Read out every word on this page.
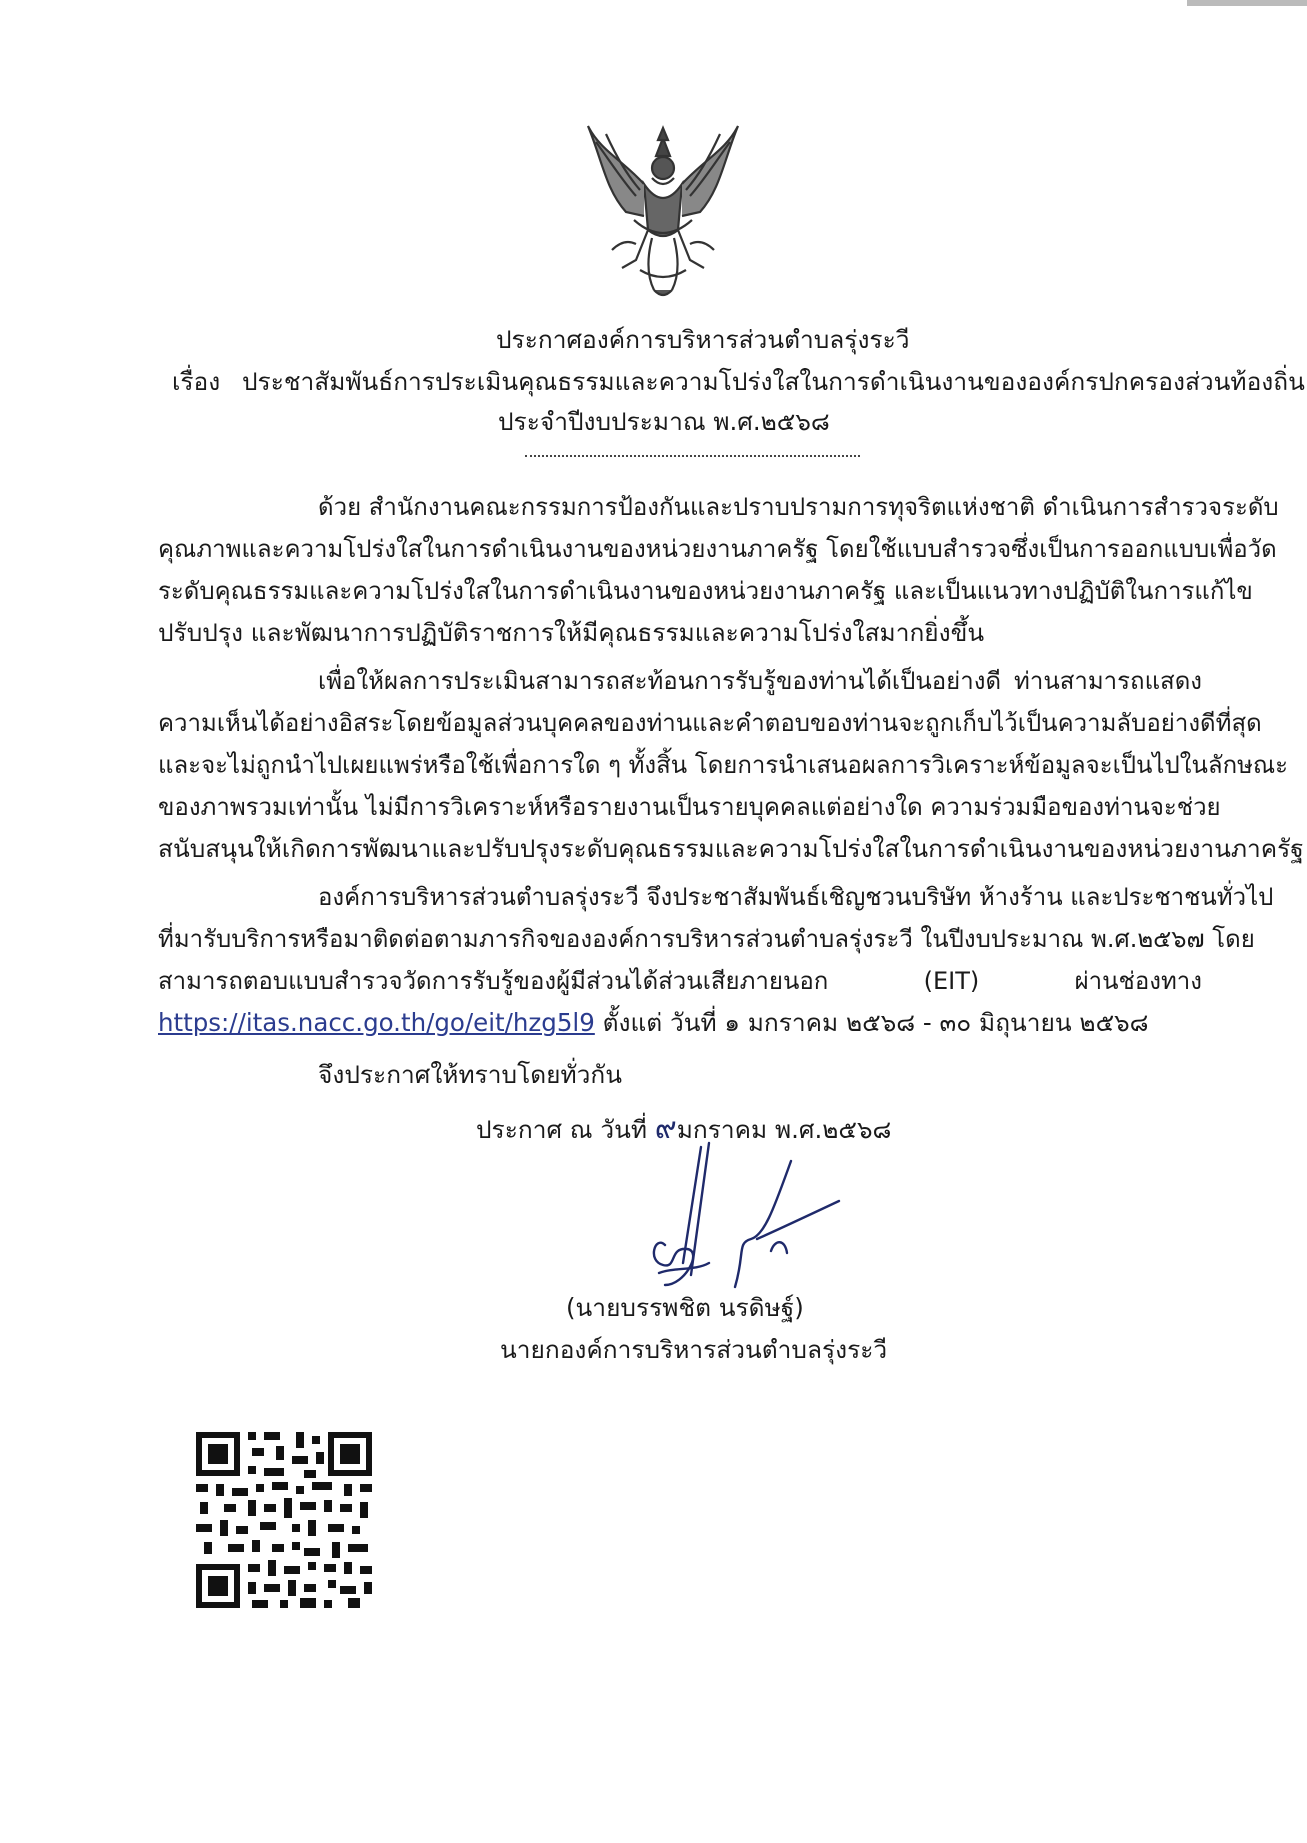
ประกาศองค์การบริหารส่วนตำบลรุ่งระวี
เรื่อง ประชาสัมพันธ์การประเมินคุณธรรมและความโปร่งใสในการดำเนินงานขององค์กรปกครองส่วนท้องถิ่น
ประจำปีงบประมาณ พ.ศ.๒๕๖๘
ด้วย สำนักงานคณะกรรมการป้องกันและปราบปรามการทุจริตแห่งชาติ ดำเนินการสำรวจระดับ
คุณภาพและความโปร่งใสในการดำเนินงานของหน่วยงานภาครัฐ โดยใช้แบบสำรวจซึ่งเป็นการออกแบบเพื่อวัด
ระดับคุณธรรมและความโปร่งใสในการดำเนินงานของหน่วยงานภาครัฐ และเป็นแนวทางปฏิบัติในการแก้ไข
ปรับปรุง และพัฒนาการปฏิบัติราชการให้มีคุณธรรมและความโปร่งใสมากยิ่งขึ้น
เพื่อให้ผลการประเมินสามารถสะท้อนการรับรู้ของท่านได้เป็นอย่างดี ท่านสามารถแสดง
ความเห็นได้อย่างอิสระโดยข้อมูลส่วนบุคคลของท่านและคำตอบของท่านจะถูกเก็บไว้เป็นความลับอย่างดีที่สุด
และจะไม่ถูกนำไปเผยแพร่หรือใช้เพื่อการใด ๆ ทั้งสิ้น โดยการนำเสนอผลการวิเคราะห์ข้อมูลจะเป็นไปในลักษณะ
ของภาพรวมเท่านั้น ไม่มีการวิเคราะห์หรือรายงานเป็นรายบุคคลแต่อย่างใด ความร่วมมือของท่านจะช่วย
สนับสนุนให้เกิดการพัฒนาและปรับปรุงระดับคุณธรรมและความโปร่งใสในการดำเนินงานของหน่วยงานภาครัฐ
องค์การบริหารส่วนตำบลรุ่งระวี จึงประชาสัมพันธ์เชิญชวนบริษัท ห้างร้าน และประชาชนทั่วไป
ที่มารับบริการหรือมาติดต่อตามภารกิจขององค์การบริหารส่วนตำบลรุ่งระวี ในปีงบประมาณ พ.ศ.๒๕๖๗ โดย
สามารถตอบแบบสำรวจวัดการรับรู้ของผู้มีส่วนได้ส่วนเสียภายนอก (EIT) ผ่านช่องทาง
https://itas.nacc.go.th/go/eit/hzg5l9 ตั้งแต่ วันที่ ๑ มกราคม ๒๕๖๘ - ๓๐ มิถุนายน ๒๕๖๘
จึงประกาศให้ทราบโดยทั่วกัน
ประกาศ ณ วันที่ ๙มกราคม พ.ศ.๒๕๖๘
(นายบรรพชิต นรดิษฐ์)
นายกองค์การบริหารส่วนตำบลรุ่งระวี
